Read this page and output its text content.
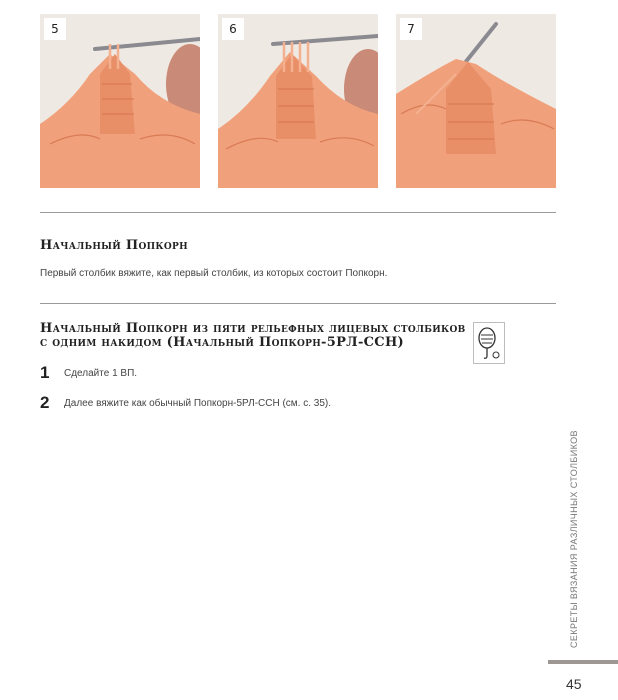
5	6	7
Начальный Попкорн
Первый столбик вяжите, как первый столбик, из которых состоит Попкорн.
Начальный Попкорн из пяти рельефных лицевых столбиков
с одним накидом (Начальный Попкорн-5РЛ-ССН)
1 Сделайте 1 ВП.
2 Далее вяжите как обычный Попкорн-5РЛ-ССН (см. с. 35).
СЕКРЕТЫ ВЯЗАНИЯ РАЗЛИЧНЫХ СТОЛБИКОВ
45
